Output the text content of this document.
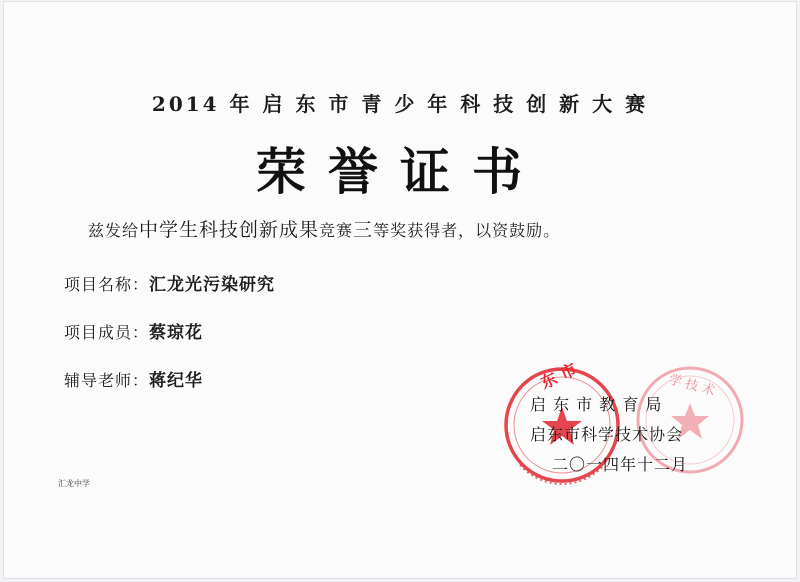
2014 年 启 东 市 青 少 年 科 技 创 新 大 赛
荣誉证书
兹发给中学生科技创新成果竞赛三等奖获得者，以资鼓励。
项目名称：汇龙光污染研究
项目成员：蔡琼花
辅导老师：蒋纪华
汇龙中学
东 市	学 技 术
启 东 市 教 育 局
启东市科学技术协会
二〇一四年十二月
